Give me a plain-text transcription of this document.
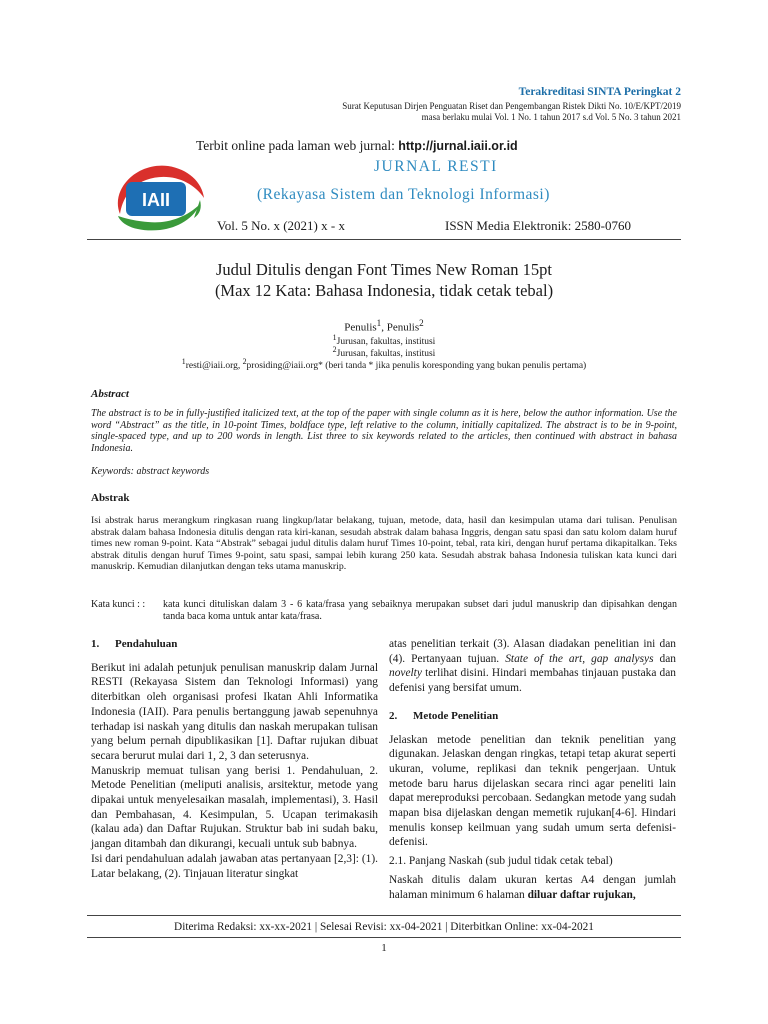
Terakreditasi SINTA Peringkat 2
Surat Keputusan Dirjen Penguatan Riset dan Pengembangan Ristek Dikti No. 10/E/KPT/2019
masa berlaku mulai Vol. 1 No. 1 tahun 2017 s.d Vol. 5 No. 3 tahun 2021
Terbit online pada laman web jurnal: http://jurnal.iaii.or.id
IAII
JURNAL RESTI
(Rekayasa Sistem dan Teknologi Informasi)
Vol. 5 No. x (2021) x - x	ISSN Media Elektronik: 2580-0760
Judul Ditulis dengan Font Times New Roman 15pt
(Max 12 Kata: Bahasa Indonesia, tidak cetak tebal)
Penulis$^1$, Penulis$^2$
$^1$Jurusan, fakultas, institusi
$^2$Jurusan, fakultas, institusi
$^1$resti@iaii.org, $^2$prosiding@iaii.org* (beri tanda * jika penulis koresponding yang bukan penulis pertama)
Abstract
The abstract is to be in fully-justified italicized text, at the top of the paper with single column as it is here, below the author information. Use the word “Abstract” as the title, in 10-point Times, boldface type, left relative to the column, initially capitalized. The abstract is to be in 9-point, single-spaced type, and up to 200 words in length. List three to six keywords related to the articles, then continued with abstract in bahasa Indonesia.
Keywords: abstract keywords
Abstrak
Isi abstrak harus merangkum ringkasan ruang lingkup/latar belakang, tujuan, metode, data, hasil dan kesimpulan utama dari tulisan. Penulisan abstrak dalam bahasa Indonesia ditulis dengan rata kiri-kanan, sesudah abstrak dalam bahasa Inggris, dengan satu spasi dan satu kolom dalam huruf times new roman 9-point. Kata “Abstrak” sebagai judul ditulis dalam huruf Times 10-point, tebal, rata kiri, dengan huruf pertama dikapitalkan. Teks abstrak ditulis dengan huruf Times 9-point, satu spasi, sampai lebih kurang 250 kata. Sesudah abstrak bahasa Indonesia tuliskan kata kunci dari manuskrip. Kemudian dilanjutkan dengan teks utama manuskrip.
Kata kunci : : kata kunci dituliskan dalam 3 - 6 kata/frasa yang sebaiknya merupakan subset dari judul manuskrip dan dipisahkan dengan tanda baca koma untuk antar kata/frasa.
1. Pendahuluan

Berikut ini adalah petunjuk penulisan manuskrip dalam Jurnal RESTI (Rekayasa Sistem dan Teknologi Informasi) yang diterbitkan oleh organisasi profesi Ikatan Ahli Informatika Indonesia (IAII). Para penulis bertanggung jawab sepenuhnya terhadap isi naskah yang ditulis dan naskah merupakan tulisan yang belum pernah dipublikasikan [1]. Daftar rujukan dibuat secara berurut mulai dari 1, 2, 3 dan seterusnya.

Manuskrip memuat tulisan yang berisi 1. Pendahuluan, 2. Metode Penelitian (meliputi analisis, arsitektur, metode yang dipakai untuk menyelesaikan masalah, implementasi), 3. Hasil dan Pembahasan, 4. Kesimpulan, 5. Ucapan terimakasih (kalau ada) dan Daftar Rujukan. Struktur bab ini sudah baku, jangan ditambah dan dikurangi, kecuali untuk sub babnya.

Isi dari pendahuluan adalah jawaban atas pertanyaan [2,3]: (1). Latar belakang, (2). Tinjauan literatur singkat

atas penelitian terkait (3). Alasan diadakan penelitian ini dan (4). Pertanyaan tujuan. State of the art, gap analysys dan novelty terlihat disini. Hindari membahas tinjauan pustaka dan defenisi yang bersifat umum.

2. Metode Penelitian

Jelaskan metode penelitian dan teknik penelitian yang digunakan. Jelaskan dengan ringkas, tetapi tetap akurat seperti ukuran, volume, replikasi dan teknik pengerjaan. Untuk metode baru harus dijelaskan secara rinci agar peneliti lain dapat mereproduksi percobaan. Sedangkan metode yang sudah mapan bisa dijelaskan dengan memetik rujukan[4-6]. Hindari menulis konsep keilmuan yang sudah umum serta defenisi-defenisi.

2.1. Panjang Naskah (sub judul tidak cetak tebal)

Naskah ditulis dalam ukuran kertas A4 dengan jumlah halaman minimum 6 halaman diluar daftar rujukan,

Diterima Redaksi: xx-xx-2021 | Selesai Revisi: xx-04-2021 | Diterbitkan Online: xx-04-2021
1
